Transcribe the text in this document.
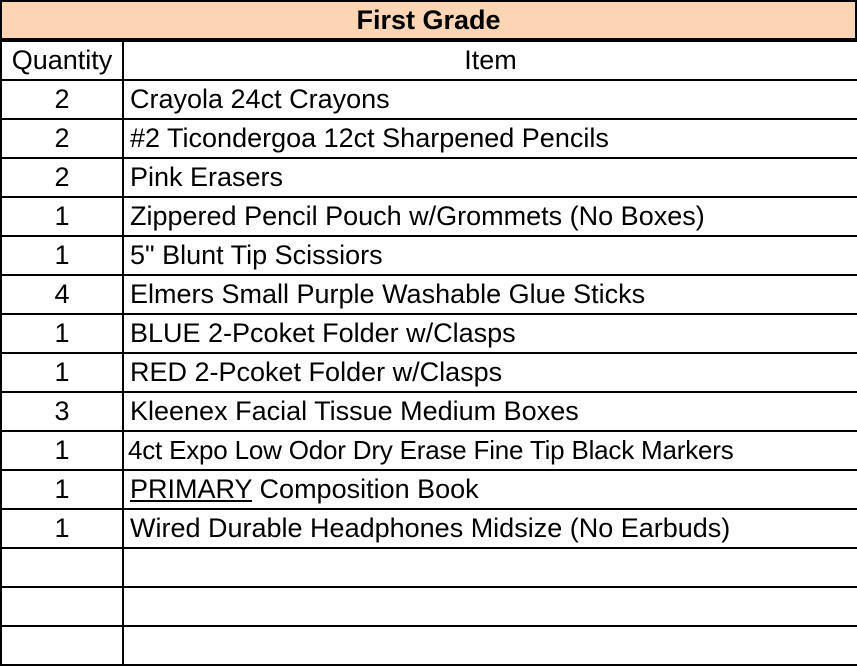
First Grade
Quantity	Item
2	Crayola 24ct Crayons
2	#2 Ticondergoa 12ct Sharpened Pencils
2	Pink Erasers
1	Zippered Pencil Pouch w/Grommets (No Boxes)
1	5" Blunt Tip Scissiors
4	Elmers Small Purple Washable Glue Sticks
1	BLUE 2-Pcoket Folder w/Clasps
1	RED 2-Pcoket Folder w/Clasps
3	Kleenex Facial Tissue Medium Boxes
1	4ct Expo Low Odor Dry Erase Fine Tip Black Markers
1	PRIMARY Composition Book
1	Wired Durable Headphones Midsize (No Earbuds)
